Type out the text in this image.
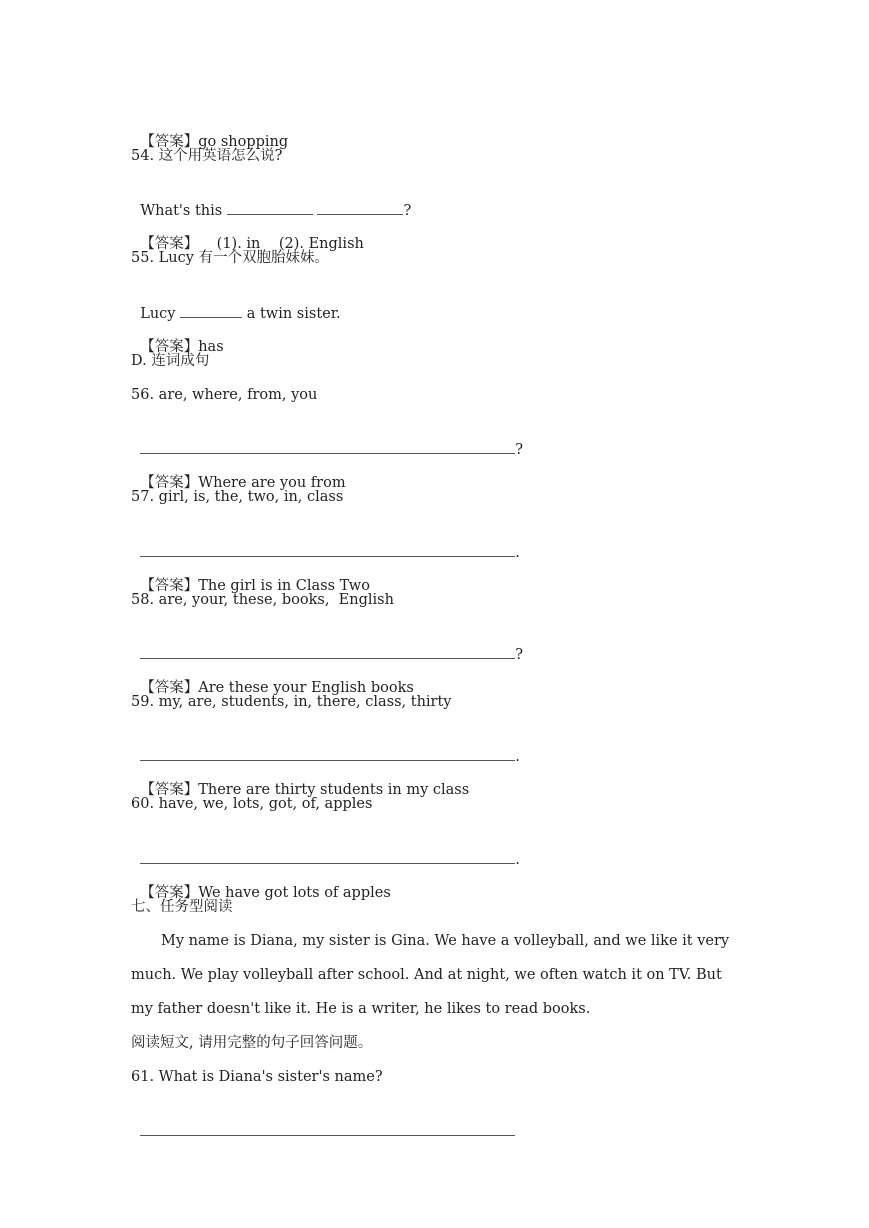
【答案】go shopping

54. 这个用英语怎么说?

What's this	?

【答案】 (1). in (2). English

55. Lucy 有一个双胞胎妹妹。

Lucy	a twin sister.

【答案】has

D. 连词成句
56. are, where, from, you

?

【答案】Where are you from

57. girl, is, the, two, in, class

.

【答案】The girl is in Class Two

58. are, your, these, books,  English

?

【答案】Are these your English books

59. my, are, students, in, there, class, thirty

.

【答案】There are thirty students in my class

60. have, we, lots, got, of, apples

.

【答案】We have got lots of apples

七、任务型阅读
My name is Diana, my sister is Gina. We have a volleyball, and we like it very much. We play volleyball after school. And at night, we often watch it on TV. But my father doesn't like it. He is a writer, he likes to read books.
阅读短文, 请用完整的句子回答问题。
61. What is Diana's sister's name?
